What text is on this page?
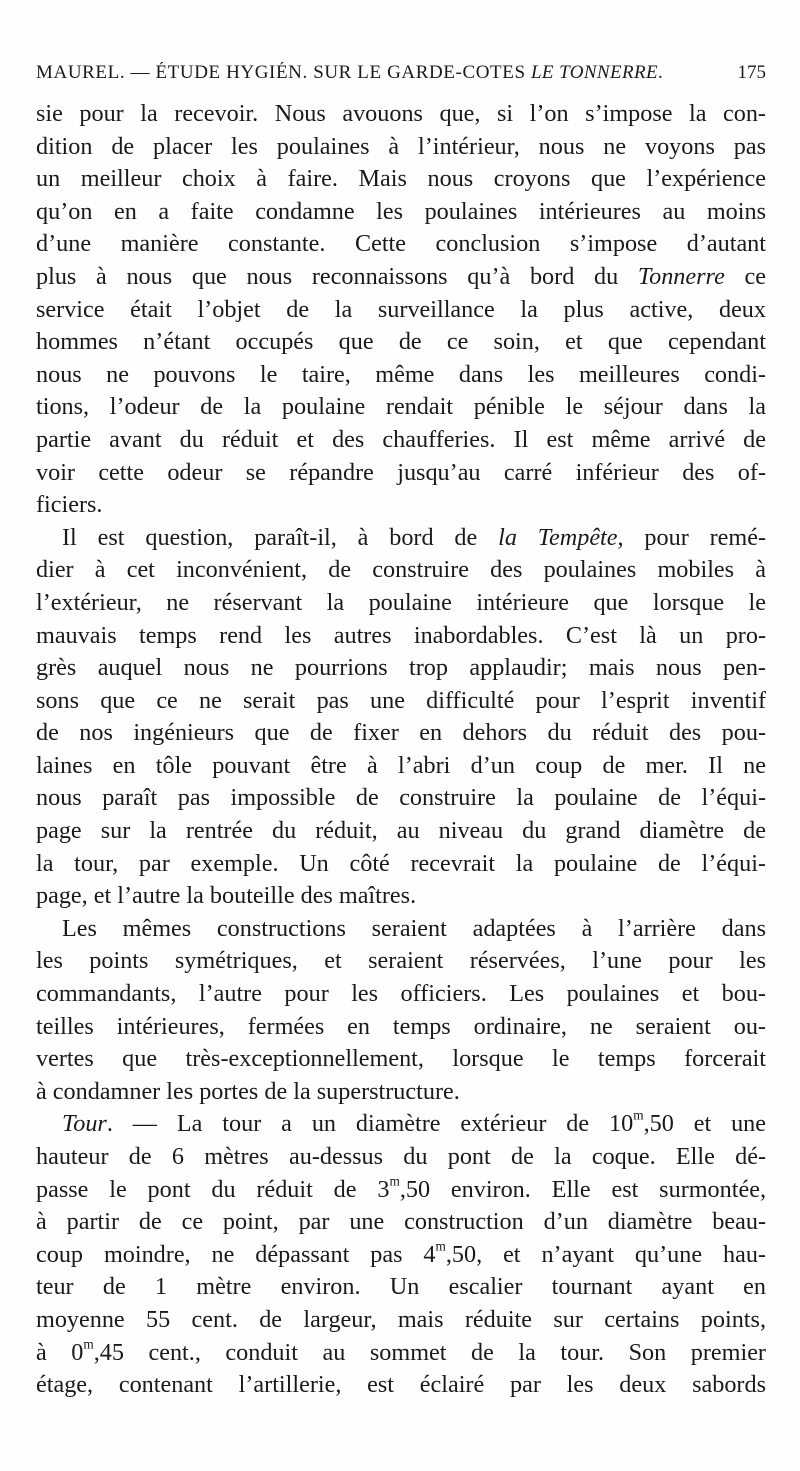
MAUREL. — ÉTUDE HYGIÉN. SUR LE GARDE-COTES LE TONNERRE.	175
sie pour la recevoir. Nous avouons que, si l’on s’impose la con-
dition de placer les poulaines à l’intérieur, nous ne voyons pas
un meilleur choix à faire. Mais nous croyons que l’expérience
qu’on en a faite condamne les poulaines intérieures au moins
d’une manière constante. Cette conclusion s’impose d’autant
plus à nous que nous reconnaissons qu’à bord du Tonnerre ce
service était l’objet de la surveillance la plus active, deux
hommes n’étant occupés que de ce soin, et que cependant
nous ne pouvons le taire, même dans les meilleures condi-
tions, l’odeur de la poulaine rendait pénible le séjour dans la
partie avant du réduit et des chaufferies. Il est même arrivé de
voir cette odeur se répandre jusqu’au carré inférieur des of-
ficiers.
Il est question, paraît-il, à bord de la Tempête, pour remé-
dier à cet inconvénient, de construire des poulaines mobiles à
l’extérieur, ne réservant la poulaine intérieure que lorsque le
mauvais temps rend les autres inabordables. C’est là un pro-
grès auquel nous ne pourrions trop applaudir; mais nous pen-
sons que ce ne serait pas une difficulté pour l’esprit inventif
de nos ingénieurs que de fixer en dehors du réduit des pou-
laines en tôle pouvant être à l’abri d’un coup de mer. Il ne
nous paraît pas impossible de construire la poulaine de l’équi-
page sur la rentrée du réduit, au niveau du grand diamètre de
la tour, par exemple. Un côté recevrait la poulaine de l’équi-
page, et l’autre la bouteille des maîtres.
Les mêmes constructions seraient adaptées à l’arrière dans
les points symétriques, et seraient réservées, l’une pour les
commandants, l’autre pour les officiers. Les poulaines et bou-
teilles intérieures, fermées en temps ordinaire, ne seraient ou-
vertes que très-exceptionnellement, lorsque le temps forcerait
à condamner les portes de la superstructure.
Tour. — La tour a un diamètre extérieur de 10$^m$,50 et une
hauteur de 6 mètres au-dessus du pont de la coque. Elle dé-
passe le pont du réduit de 3$^m$,50 environ. Elle est surmontée,
à partir de ce point, par une construction d’un diamètre beau-
coup moindre, ne dépassant pas 4$^m$,50, et n’ayant qu’une hau-
teur de 1 mètre environ. Un escalier tournant ayant en
moyenne 55 cent. de largeur, mais réduite sur certains points,
à 0$^m$,45 cent., conduit au sommet de la tour. Son premier
étage, contenant l’artillerie, est éclairé par les deux sabords
